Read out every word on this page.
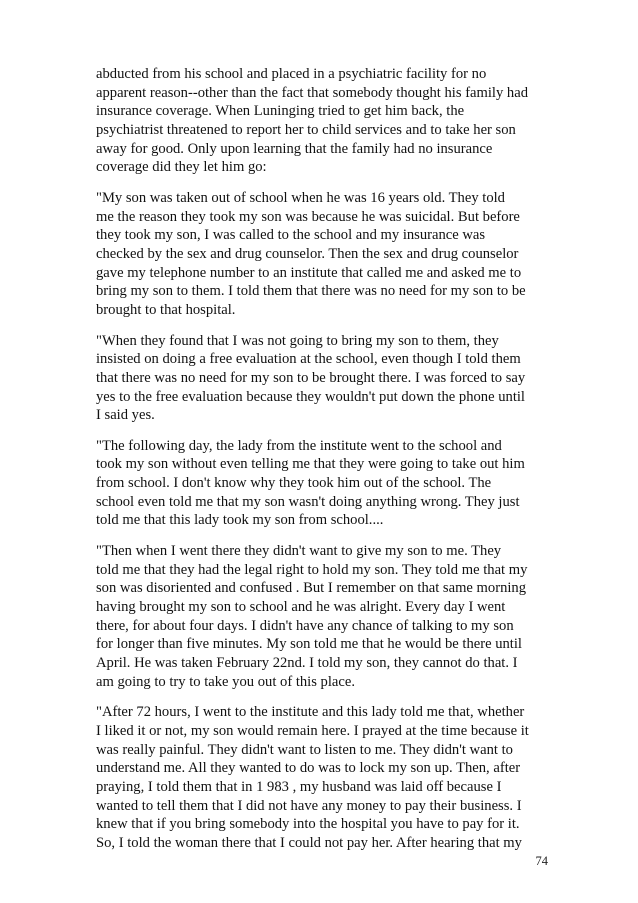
abducted from his school and placed in a psychiatric facility for no
apparent reason--other than the fact that somebody thought his family had
insurance coverage. When Luninging tried to get him back, the
psychiatrist threatened to report her to child services and to take her son
away for good. Only upon learning that the family had no insurance
coverage did they let him go:

"My son was taken out of school when he was 16 years old. They told
me the reason they took my son was because he was suicidal. But before
they took my son, I was called to the school and my insurance was
checked by the sex and drug counselor. Then the sex and drug counselor
gave my telephone number to an institute that called me and asked me to
bring my son to them. I told them that there was no need for my son to be
brought to that hospital.

"When they found that I was not going to bring my son to them, they
insisted on doing a free evaluation at the school, even though I told them
that there was no need for my son to be brought there. I was forced to say
yes to the free evaluation because they wouldn't put down the phone until
I said yes.

"The following day, the lady from the institute went to the school and
took my son without even telling me that they were going to take out him
from school. I don't know why they took him out of the school. The
school even told me that my son wasn't doing anything wrong. They just
told me that this lady took my son from school....

"Then when I went there they didn't want to give my son to me. They
told me that they had the legal right to hold my son. They told me that my
son was disoriented and confused . But I remember on that same morning
having brought my son to school and he was alright. Every day I went
there, for about four days. I didn't have any chance of talking to my son
for longer than five minutes. My son told me that he would be there until
April. He was taken February 22nd. I told my son, they cannot do that. I
am going to try to take you out of this place.

"After 72 hours, I went to the institute and this lady told me that, whether
I liked it or not, my son would remain here. I prayed at the time because it
was really painful. They didn't want to listen to me. They didn't want to
understand me. All they wanted to do was to lock my son up. Then, after
praying, I told them that in 1 983 , my husband was laid off because I
wanted to tell them that I did not have any money to pay their business. I
knew that if you bring somebody into the hospital you have to pay for it.
So, I told the woman there that I could not pay her. After hearing that my

74
